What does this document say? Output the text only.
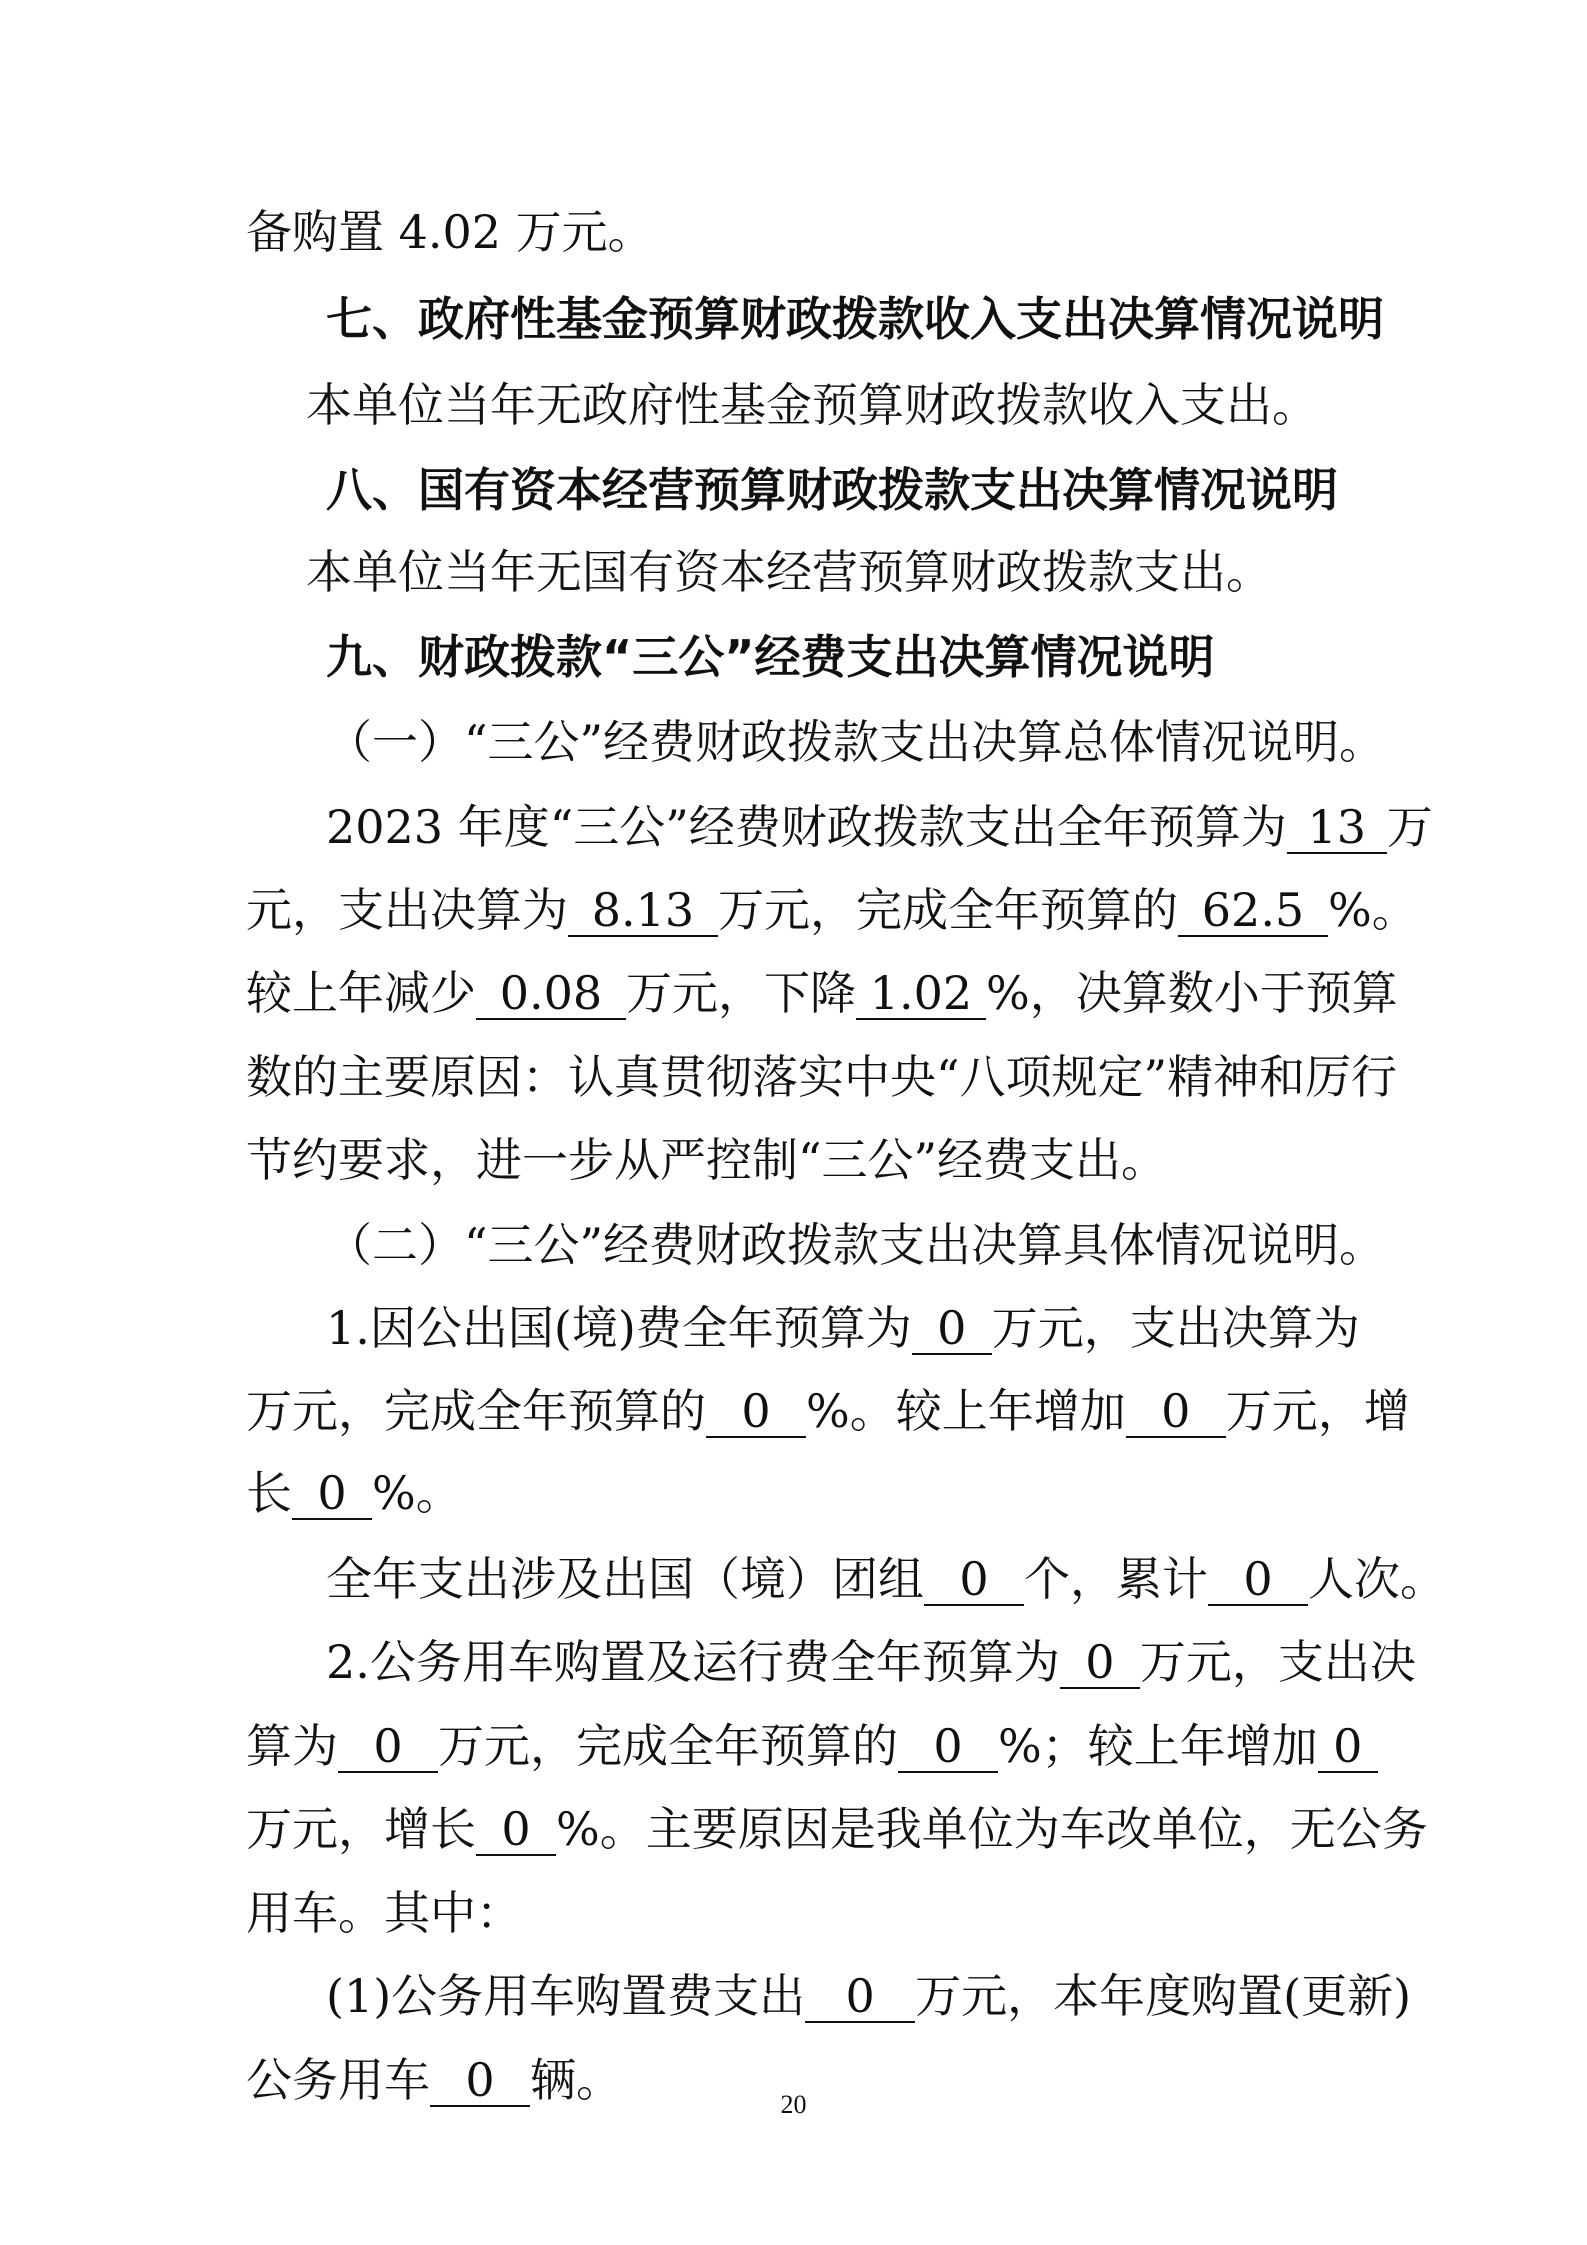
备购置 4.02 万元。
七、政府性基金预算财政拨款收入支出决算情况说明
本单位当年无政府性基金预算财政拨款收入支出。
八、国有资本经营预算财政拨款支出决算情况说明
本单位当年无国有资本经营预算财政拨款支出。
九、财政拨款“三公”经费支出决算情况说明
（一）“三公”经费财政拨款支出决算总体情况说明。
2023 年度“三公”经费财政拨款支出全年预算为 13 万
元，支出决算为 8.13 万元，完成全年预算的 62.5 %。
较上年减少 0.08 万元，下降 1.02 %，决算数小于预算
数的主要原因：认真贯彻落实中央“八项规定”精神和厉行
节约要求，进一步从严控制“三公”经费支出。
（二）“三公”经费财政拨款支出决算具体情况说明。
1.因公出国(境)费全年预算为 0 万元，支出决算为
万元，完成全年预算的 0 %。较上年增加 0 万元，增
长 0 %。
全年支出涉及出国（境）团组 0 个，累计 0 人次。
2.公务用车购置及运行费全年预算为 0 万元，支出决
算为 0 万元，完成全年预算的 0 %；较上年增加 0
万元，增长 0 %。主要原因是我单位为车改单位，无公务
用车。其中：
(1)公务用车购置费支出 0 万元，本年度购置(更新)
公务用车 0 辆。	20
